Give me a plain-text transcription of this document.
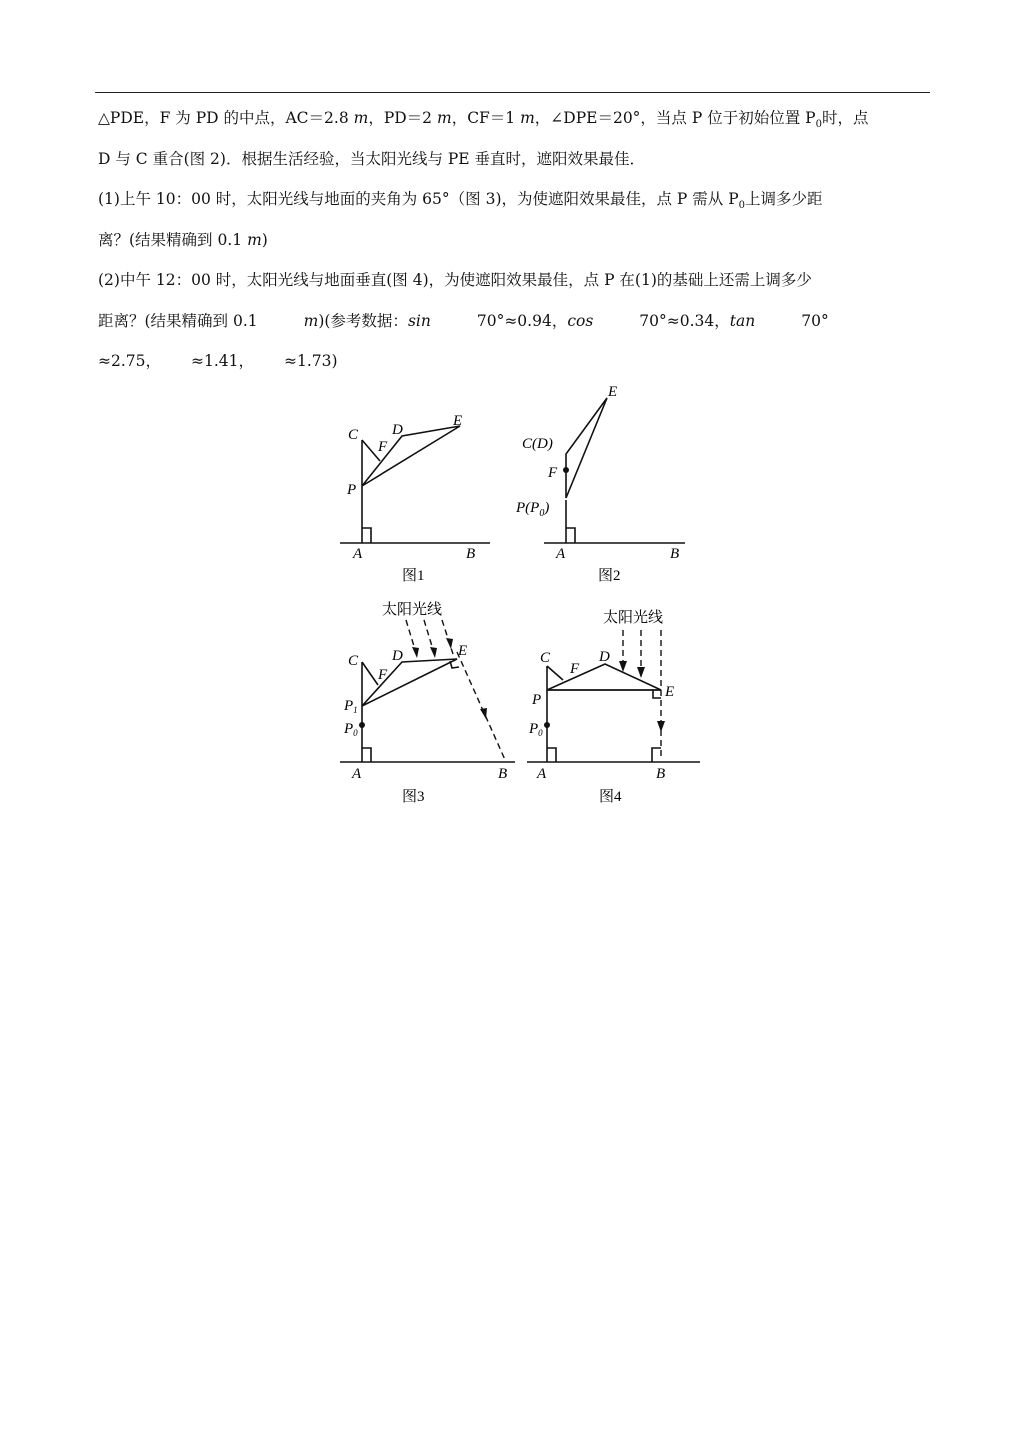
△PDE，F 为 PD 的中点，AC＝2.8 m，PD＝2 m，CF＝1 m，∠DPE＝20°，当点 P 位于初始位置 $P_0$时，点
D 与 C 重合(图 2)．根据生活经验，当太阳光线与 PE 垂直时，遮阳效果最佳．
(1)上午 10：00 时，太阳光线与地面的夹角为 65°（图 3)，为使遮阳效果最佳，点 P 需从 $P_0$上调多少距
离？(结果精确到 0.1 m)
(2)中午 12：00 时，太阳光线与地面垂直(图 4)，为使遮阳效果最佳，点 P 在(1)的基础上还需上调多少
距离？(结果精确到 0.1	m)(参考数据：sin	70°≈0.94，cos	70°≈0.34，tan	70°
≈2.75， ≈1.41， ≈1.73)
C D
E
F
P
A	B
图1
E
C(D)
F
$P(P_0)$
A	B
图2
太阳光线
C D	E
F
$P_1$
$P_0$
A	B
图3
太阳光线
C	D
E
F
P
$P_0$
A	B
图4
